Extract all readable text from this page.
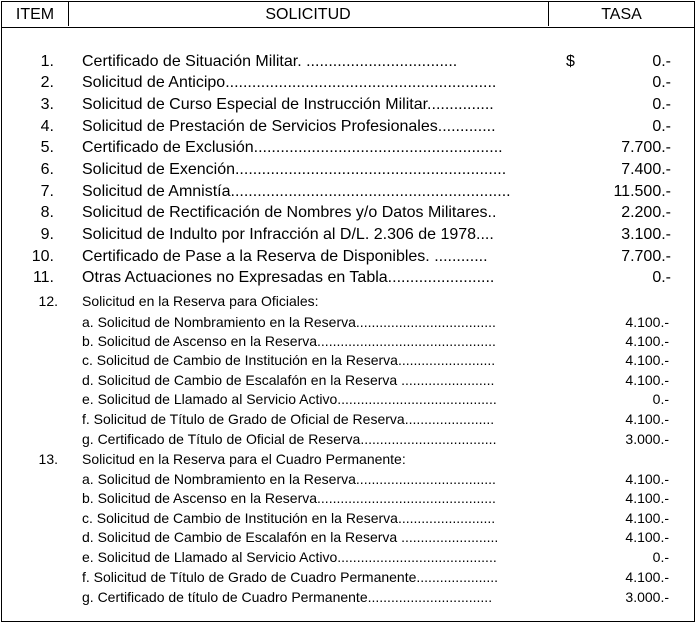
ITEM	SOLICITUD	TASA
1. Certificado de Situación Militar. ..................................	$	0.-
2. Solicitud de Anticipo.............................................................	0.-
3. Solicitud de Curso Especial de Instrucción Militar...............	0.-
4. Solicitud de Prestación de Servicios Profesionales.............	0.-
5. Certificado de Exclusión........................................................	7.700.-
6. Solicitud de Exención.............................................................	7.400.-
7. Solicitud de Amnistía...............................................................	11.500.-
8. Solicitud de Rectificación de Nombres y/o Datos Militares..	2.200.-
9. Solicitud de Indulto por Infracción al D/L. 2.306 de 1978....	3.100.-
10. Certificado de Pase a la Reserva de Disponibles. ............	7.700.-
11. Otras Actuaciones no Expresadas en Tabla........................	0.-
12. Solicitud en la Reserva para Oficiales:
a. Solicitud de Nombramiento en la Reserva....................................	4.100.-
b. Solicitud de Ascenso en la Reserva..............................................	4.100.-
c. Solicitud de Cambio de Institución en la Reserva.........................	4.100.-
d. Solicitud de Cambio de Escalafón en la Reserva ........................	4.100.-
e. Solicitud de Llamado al Servicio Activo.........................................	0.-
f. Solicitud de Título de Grado de Oficial de Reserva.......................	4.100.-
g. Certificado de Título de Oficial de Reserva...................................	3.000.-
13. Solicitud en la Reserva para el Cuadro Permanente:
a. Solicitud de Nombramiento en la Reserva....................................	4.100.-
b. Solicitud de Ascenso en la Reserva..............................................	4.100.-
c. Solicitud de Cambio de Institución en la Reserva.........................	4.100.-
d. Solicitud de Cambio de Escalafón en la Reserva .........................	4.100.-
e. Solicitud de Llamado al Servicio Activo.........................................	0.-
f. Solicitud de Título de Grado de Cuadro Permanente.....................	4.100.-
g. Certificado de título de Cuadro Permanente................................	3.000.-
